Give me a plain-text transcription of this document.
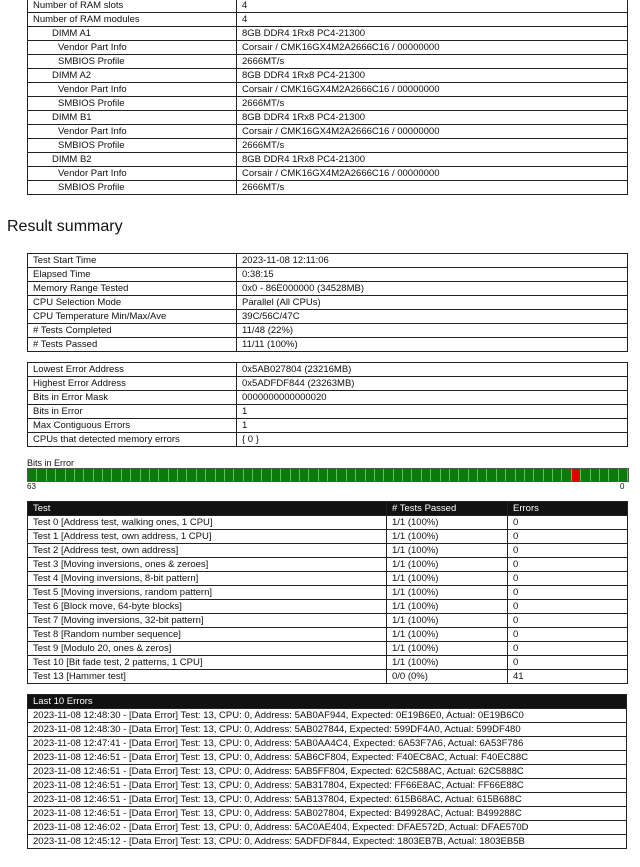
Number of RAM slots	4
Number of RAM modules	4
DIMM A1	8GB DDR4 1Rx8 PC4-21300
Vendor Part Info	Corsair / CMK16GX4M2A2666C16 / 00000000
SMBIOS Profile	2666MT/s
DIMM A2	8GB DDR4 1Rx8 PC4-21300
Vendor Part Info	Corsair / CMK16GX4M2A2666C16 / 00000000
SMBIOS Profile	2666MT/s
DIMM B1	8GB DDR4 1Rx8 PC4-21300
Vendor Part Info	Corsair / CMK16GX4M2A2666C16 / 00000000
SMBIOS Profile	2666MT/s
DIMM B2	8GB DDR4 1Rx8 PC4-21300
Vendor Part Info	Corsair / CMK16GX4M2A2666C16 / 00000000
SMBIOS Profile	2666MT/s
Result summary
Test Start Time	2023-11-08 12:11:06
Elapsed Time	0:38:15
Memory Range Tested	0x0 - 86E000000 (34528MB)
CPU Selection Mode	Parallel (All CPUs)
CPU Temperature Min/Max/Ave	39C/56C/47C
# Tests Completed	11/48 (22%)
# Tests Passed	11/11 (100%)
Lowest Error Address	0x5AB027804 (23216MB)
Highest Error Address	0x5ADFDF844 (23263MB)
Bits in Error Mask	0000000000000020
Bits in Error	1
Max Contiguous Errors	1
CPUs that detected memory errors	{ 0 }
Bits in Error
63	0
Test	# Tests Passed	Errors
Test 0 [Address test, walking ones, 1 CPU]	1/1 (100%)	0
Test 1 [Address test, own address, 1 CPU]	1/1 (100%)	0
Test 2 [Address test, own address]	1/1 (100%)	0
Test 3 [Moving inversions, ones & zeroes]	1/1 (100%)	0
Test 4 [Moving inversions, 8-bit pattern]	1/1 (100%)	0
Test 5 [Moving inversions, random pattern]	1/1 (100%)	0
Test 6 [Block move, 64-byte blocks]	1/1 (100%)	0
Test 7 [Moving inversions, 32-bit pattern]	1/1 (100%)	0
Test 8 [Random number sequence]	1/1 (100%)	0
Test 9 [Modulo 20, ones & zeros]	1/1 (100%)	0
Test 10 [Bit fade test, 2 patterns, 1 CPU]	1/1 (100%)	0
Test 13 [Hammer test]	0/0 (0%)	41
Last 10 Errors
2023-11-08 12:48:30 - [Data Error] Test: 13, CPU: 0, Address: 5AB0AF944, Expected: 0E19B6E0, Actual: 0E19B6C0
2023-11-08 12:48:30 - [Data Error] Test: 13, CPU: 0, Address: 5AB027844, Expected: 599DF4A0, Actual: 599DF480
2023-11-08 12:47:41 - [Data Error] Test: 13, CPU: 0, Address: 5AB0AA4C4, Expected: 6A53F7A6, Actual: 6A53F786
2023-11-08 12:46:51 - [Data Error] Test: 13, CPU: 0, Address: 5AB6CF804, Expected: F40EC8AC, Actual: F40EC88C
2023-11-08 12:46:51 - [Data Error] Test: 13, CPU: 0, Address: 5AB5FF804, Expected: 62C588AC, Actual: 62C5888C
2023-11-08 12:46:51 - [Data Error] Test: 13, CPU: 0, Address: 5AB317804, Expected: FF66E8AC, Actual: FF66E88C
2023-11-08 12:46:51 - [Data Error] Test: 13, CPU: 0, Address: 5AB137804, Expected: 615B68AC, Actual: 615B688C
2023-11-08 12:46:51 - [Data Error] Test: 13, CPU: 0, Address: 5AB027804, Expected: B49928AC, Actual: B499288C
2023-11-08 12:46:02 - [Data Error] Test: 13, CPU: 0, Address: 5AC0AE404, Expected: DFAE572D, Actual: DFAE570D
2023-11-08 12:45:12 - [Data Error] Test: 13, CPU: 0, Address: 5ADFDF844, Expected: 1803EB7B, Actual: 1803EB5B
